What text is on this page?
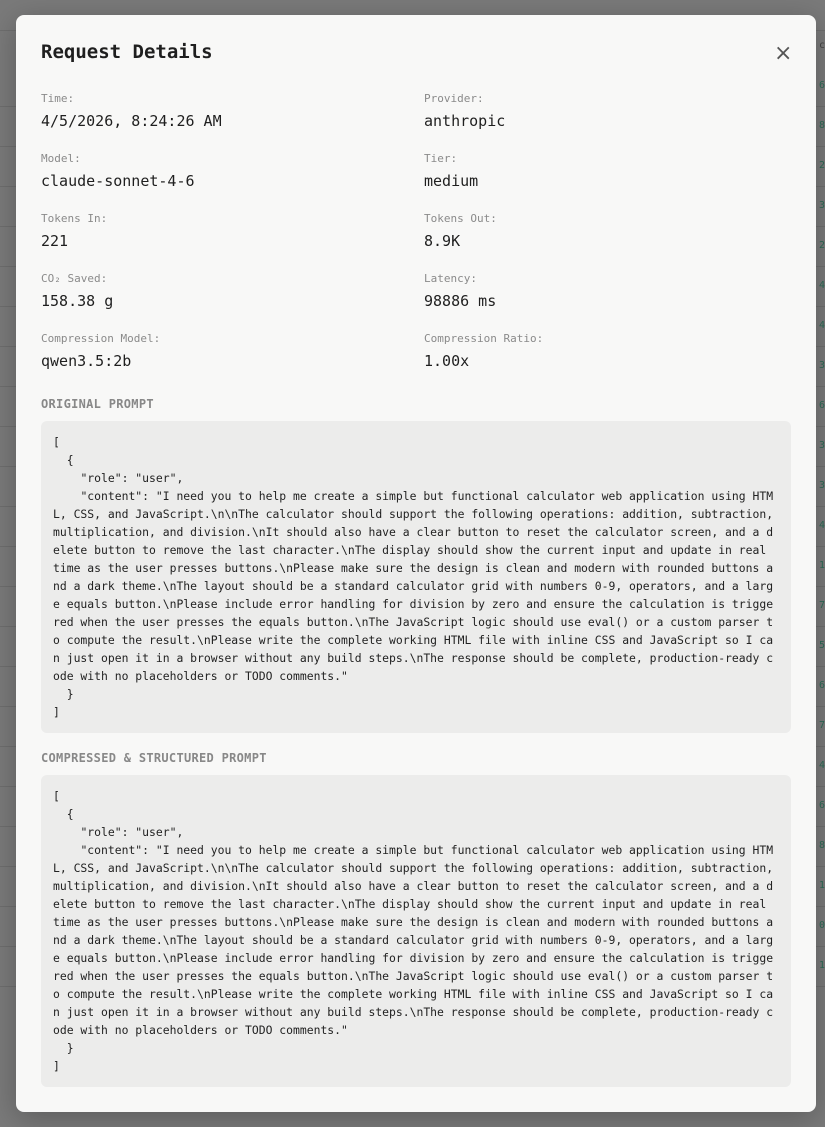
c
6
8
2
3
2
4
4
3
6
3
3
4
1
7
5
6
7
4
6
8
1
0
1
Request Details	×
Time:
4/5/2026, 8:24:26 AM
Provider:
anthropic
Model:
claude-sonnet-4-6
Tier:
medium
Tokens In:
221
Tokens Out:
8.9K
CO₂ Saved:
158.38 g
Latency:
98886 ms
Compression Model:
qwen3.5:2b
Compression Ratio:
1.00x
ORIGINAL PROMPT
[
{
"role": "user",
"content": "I need you to help me create a simple but functional calculator web application using HTML, CSS, and JavaScript.\n\nThe calculator should support the following operations: addition, subtraction, multiplication, and division.\nIt should also have a clear button to reset the calculator screen, and a delete button to remove the last character.\nThe display should show the current input and update in real time as the user presses buttons.\nPlease make sure the design is clean and modern with rounded buttons and a dark theme.\nThe layout should be a standard calculator grid with numbers 0-9, operators, and a large equals button.\nPlease include error handling for division by zero and ensure the calculation is triggered when the user presses the equals button.\nThe JavaScript logic should use eval() or a custom parser to compute the result.\nPlease write the complete working HTML file with inline CSS and JavaScript so I can just open it in a browser without any build steps.\nThe response should be complete, production-ready code with no placeholders or TODO comments."
}
]
COMPRESSED & STRUCTURED PROMPT
[
{
"role": "user",
"content": "I need you to help me create a simple but functional calculator web application using HTML, CSS, and JavaScript.\n\nThe calculator should support the following operations: addition, subtraction, multiplication, and division.\nIt should also have a clear button to reset the calculator screen, and a delete button to remove the last character.\nThe display should show the current input and update in real time as the user presses buttons.\nPlease make sure the design is clean and modern with rounded buttons and a dark theme.\nThe layout should be a standard calculator grid with numbers 0-9, operators, and a large equals button.\nPlease include error handling for division by zero and ensure the calculation is triggered when the user presses the equals button.\nThe JavaScript logic should use eval() or a custom parser to compute the result.\nPlease write the complete working HTML file with inline CSS and JavaScript so I can just open it in a browser without any build steps.\nThe response should be complete, production-ready code with no placeholders or TODO comments."
}
]
